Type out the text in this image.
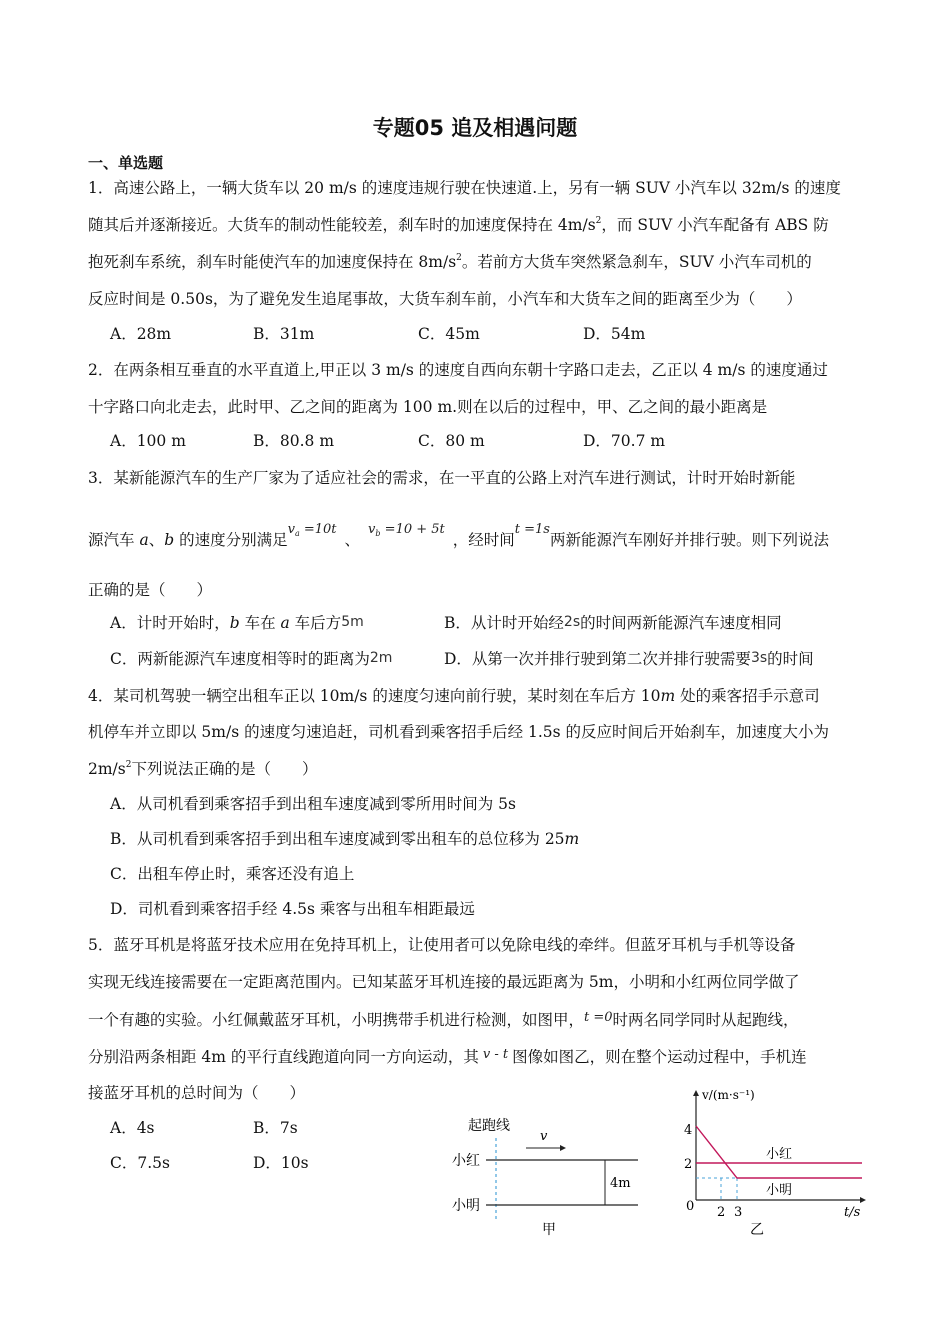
专题05 追及相遇问题
一、单选题
1．高速公路上，一辆大货车以 20 m/s 的速度违规行驶在快速道.上，另有一辆 SUV 小汽车以 32m/s 的速度
随其后并逐渐接近。大货车的制动性能较差，刹车时的加速度保持在 $4m/s^2$，而 SUV 小汽车配备有 ABS 防
抱死刹车系统，刹车时能使汽车的加速度保持在 $8m/s^2$。若前方大货车突然紧急刹车，SUV 小汽车司机的
反应时间是 0.50s，为了避免发生追尾事故，大货车刹车前，小汽车和大货车之间的距离至少为（　　）
A．28m	B．31m	C．45m	D．54m
2．在两条相互垂直的水平直道上,甲正以 3 m/s 的速度自西向东朝十字路口走去，乙正以 4 m/s 的速度通过
十字路口向北走去，此时甲、乙之间的距离为 100 m.则在以后的过程中，甲、乙之间的最小距离是
A．100 m	B．80.8 m	C．80 m	D．70.7 m
3．某新能源汽车的生产厂家为了适应社会的需求，在一平直的公路上对汽车进行测试，计时开始时新能
源汽车 a、b 的速度分别满足$^{v_a =10t}$、$^{v_b =10 + 5t}$，经时间$^{t =1s}$两新能源汽车刚好并排行驶。则下列说法
正确的是（　　）
A．计时开始时，b 车在 a 车后方5m	B．从计时开始经2s的时间两新能源汽车速度相同
C．两新能源汽车速度相等时的距离为2m	D．从第一次并排行驶到第二次并排行驶需要3s的时间
4．某司机驾驶一辆空出租车正以 10m/s 的速度匀速向前行驶，某时刻在车后方 10m 处的乘客招手示意司
机停车并立即以 5m/s 的速度匀速追赶，司机看到乘客招手后经 1.5s 的反应时间后开始刹车，加速度大小为
$2m/s^2$下列说法正确的是（　　）
A．从司机看到乘客招手到出租车速度减到零所用时间为 5s
B．从司机看到乘客招手到出租车速度减到零出租车的总位移为 25m
C．出租车停止时，乘客还没有追上
D．司机看到乘客招手经 4.5s 乘客与出租车相距最远
5．蓝牙耳机是将蓝牙技术应用在免持耳机上，让使用者可以免除电线的牵绊。但蓝牙耳机与手机等设备
实现无线连接需要在一定距离范围内。已知某蓝牙耳机连接的最远距离为 5m，小明和小红两位同学做了
一个有趣的实验。小红佩戴蓝牙耳机，小明携带手机进行检测，如图甲，$^{t =0}$时两名同学同时从起跑线，
分别沿两条相距 4m 的平行直线跑道向同一方向运动，其 $^{v - t}$ 图像如图乙，则在整个运动过程中，手机连
接蓝牙耳机的总时间为（　　）
A．4s	B．7s
C．7.5s	D．10s
起跑线
v
小红
小明
4m
甲
v/(m·s⁻¹)
t/s
4
2
0 2 3
小红
小明
乙
